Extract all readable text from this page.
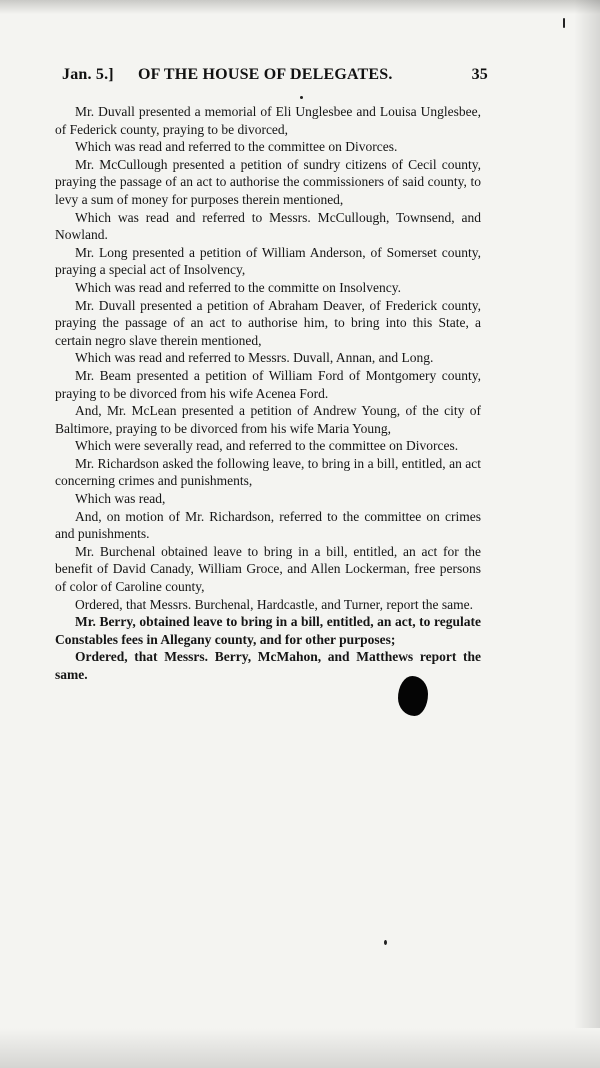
Jan. 5.] OF THE HOUSE OF DELEGATES.	35

Mr. Duvall presented a memorial of Eli Unglesbee and Louisa Unglesbee, of Federick county, praying to be divorced,

Which was read and referred to the committee on Divorces.

Mr. McCullough presented a petition of sundry citizens of Cecil county, praying the passage of an act to authorise the commissioners of said county, to levy a sum of money for purposes therein mentioned,

Which was read and referred to Messrs. McCullough, Townsend, and Nowland.

Mr. Long presented a petition of William Anderson, of Somerset county, praying a special act of Insolvency,

Which was read and referred to the committe on Insolvency.

Mr. Duvall presented a petition of Abraham Deaver, of Frederick county, praying the passage of an act to authorise him, to bring into this State, a certain negro slave therein mentioned,

Which was read and referred to Messrs. Duvall, Annan, and Long.

Mr. Beam presented a petition of William Ford of Montgomery county, praying to be divorced from his wife Acenea Ford.

And, Mr. McLean presented a petition of Andrew Young, of the city of Baltimore, praying to be divorced from his wife Maria Young,

Which were severally read, and referred to the committee on Divorces.

Mr. Richardson asked the following leave, to bring in a bill, entitled, an act concerning crimes and punishments,

Which was read,

And, on motion of Mr. Richardson, referred to the committee on crimes and punishments.

Mr. Burchenal obtained leave to bring in a bill, entitled, an act for the benefit of David Canady, William Groce, and Allen Lockerman, free persons of color of Caroline county,

Ordered, that Messrs. Burchenal, Hardcastle, and Turner, report the same.

Mr. Berry, obtained leave to bring in a bill, entitled, an act, to regulate Constables fees in Allegany county, and for other purposes;

Ordered, that Messrs. Berry, McMahon, and Matthews report the same.
